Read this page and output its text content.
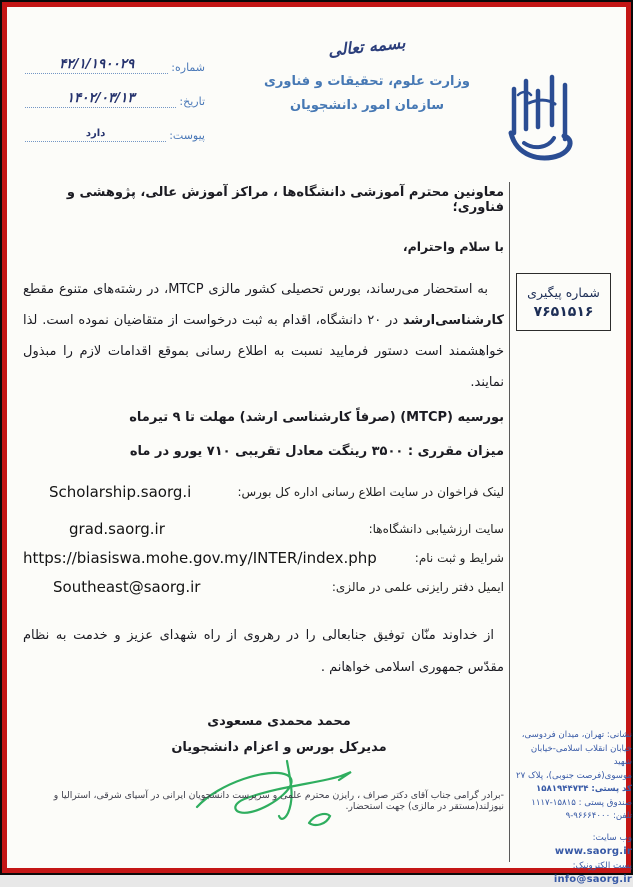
شماره:
۴۲/۱/۱۹۰۰۲۹
تاریخ:
۱۴۰۲/۰۳/۱۳
پیوست:
دارد
بسمه تعالی
وزارت علوم، تحقیقات و فناوری
سازمان امور دانشجویان
شماره پیگیری
۷۶۵۱۵۱۶
معاونین محترم آموزشی دانشگاه‌ها ، مراکز آموزش عالی، پژوهشی و فناوری؛
با سلام واحترام،
به استحضار می‌رساند، بورس تحصیلی کشور مالزی MTCP، در رشته‌های متنوع مقطع کارشناسی‌ارشد در ۲۰ دانشگاه، اقدام به ثبت درخواست از متقاضیان نموده است. لذا خواهشمند است دستور فرمایید نسبت به اطلاع رسانی بموقع اقدامات لازم را مبذول نمایند.
بورسیه (MTCP) (صرفاً کارشناسی ارشد) مهلت تا ۹ تیرماه
میزان مقرری : ۳۵۰۰ رینگت معادل تقریبی ۷۱۰ یورو در ماه
لینک فراخوان در سایت اطلاع رسانی اداره کل بورس:
Scholarship.saorg.i
سایت ارزشیابی دانشگاه‌ها:
grad.saorg.ir
شرایط و ثبت نام:
https://biasiswa.mohe.gov.my/INTER/index.php
ایمیل دفتر رایزنی علمی در مالزی:
Southeast@saorg.ir
از خداوند منّان توفیق جنابعالی را در رهروی از راه شهدای عزیز و خدمت به نظام مقدّس جمهوری اسلامی خواهانم .
محمد محمدی مسعودی
مدیرکل بورس و اعزام دانشجویان
-برادر گرامی جناب آقای دکتر صراف ، رایزن محترم علمی و سرپرست دانشجویان ایرانی در آسیای شرقی، استرالیا و نیوزلند(مستقر در مالزی) جهت استحضار.
نشانی: تهران، میدان فردوسی،
خیابان انقلاب اسلامی-خیابان شهید
موسوی(فرصت جنوبی)، پلاک ۲۷
کد پستی: ۱۵۸۱۹۴۴۷۳۴
صندوق پستی : ۱۵۸۱۵-۱۱۱۷
تلفن: ۹۶۶۶۴۰۰۰-۹
وب سایت: www.saorg.ir
پست الکترونیک: info@saorg.ir
